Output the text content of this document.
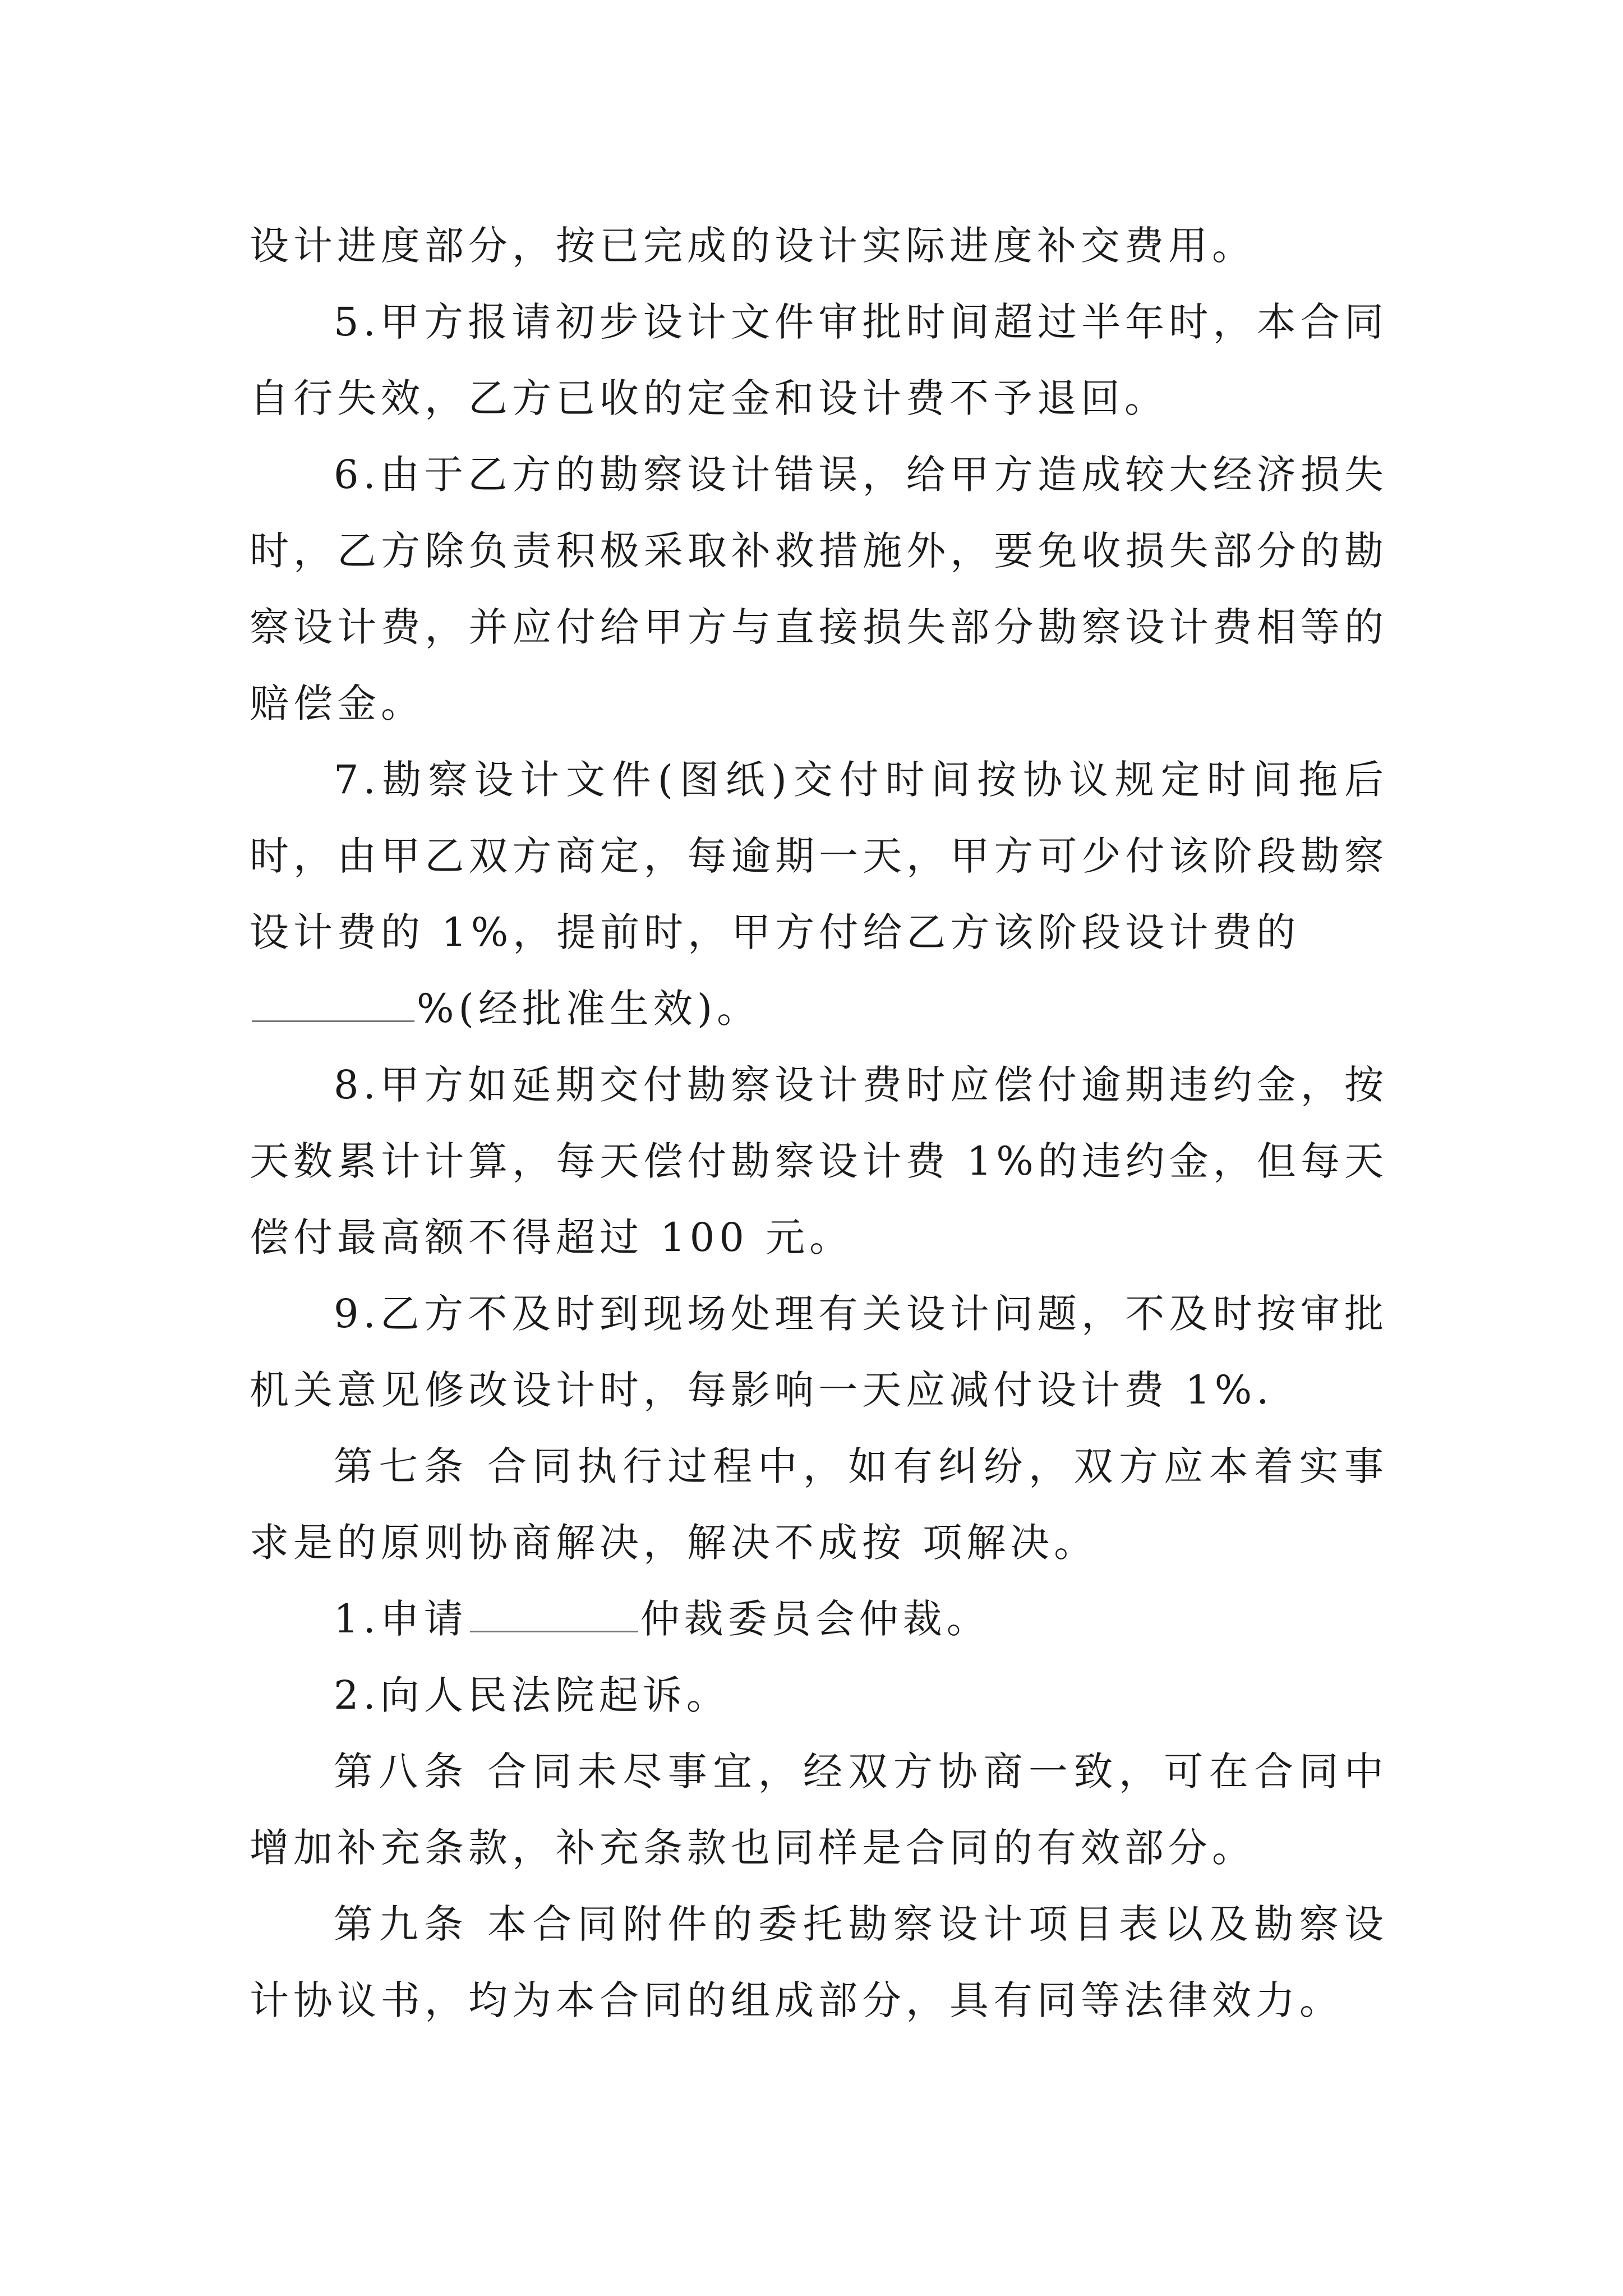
设计进度部分，按已完成的设计实际进度补交费用。

5.甲方报请初步设计文件审批时间超过半年时，本合同自行失效，乙方已收的定金和设计费不予退回。

6.由于乙方的勘察设计错误，给甲方造成较大经济损失时，乙方除负责积极采取补救措施外，要免收损失部分的勘察设计费，并应付给甲方与直接损失部分勘察设计费相等的赔偿金。

7.勘察设计文件(图纸)交付时间按协议规定时间拖后时，由甲乙双方商定，每逾期一天，甲方可少付该阶段勘察设计费的 1%，提前时，甲方付给乙方该阶段设计费的
%(经批准生效)。

8.甲方如延期交付勘察设计费时应偿付逾期违约金，按天数累计计算，每天偿付勘察设计费 1%的违约金，但每天偿付最高额不得超过 100 元。

9.乙方不及时到现场处理有关设计问题，不及时按审批机关意见修改设计时，每影响一天应减付设计费 1%.

第七条 合同执行过程中，如有纠纷，双方应本着实事求是的原则协商解决，解决不成按 项解决。

1.申请	仲裁委员会仲裁。

2.向人民法院起诉。

第八条 合同未尽事宜，经双方协商一致，可在合同中增加补充条款，补充条款也同样是合同的有效部分。

第九条 本合同附件的委托勘察设计项目表以及勘察设计协议书，均为本合同的组成部分，具有同等法律效力。
